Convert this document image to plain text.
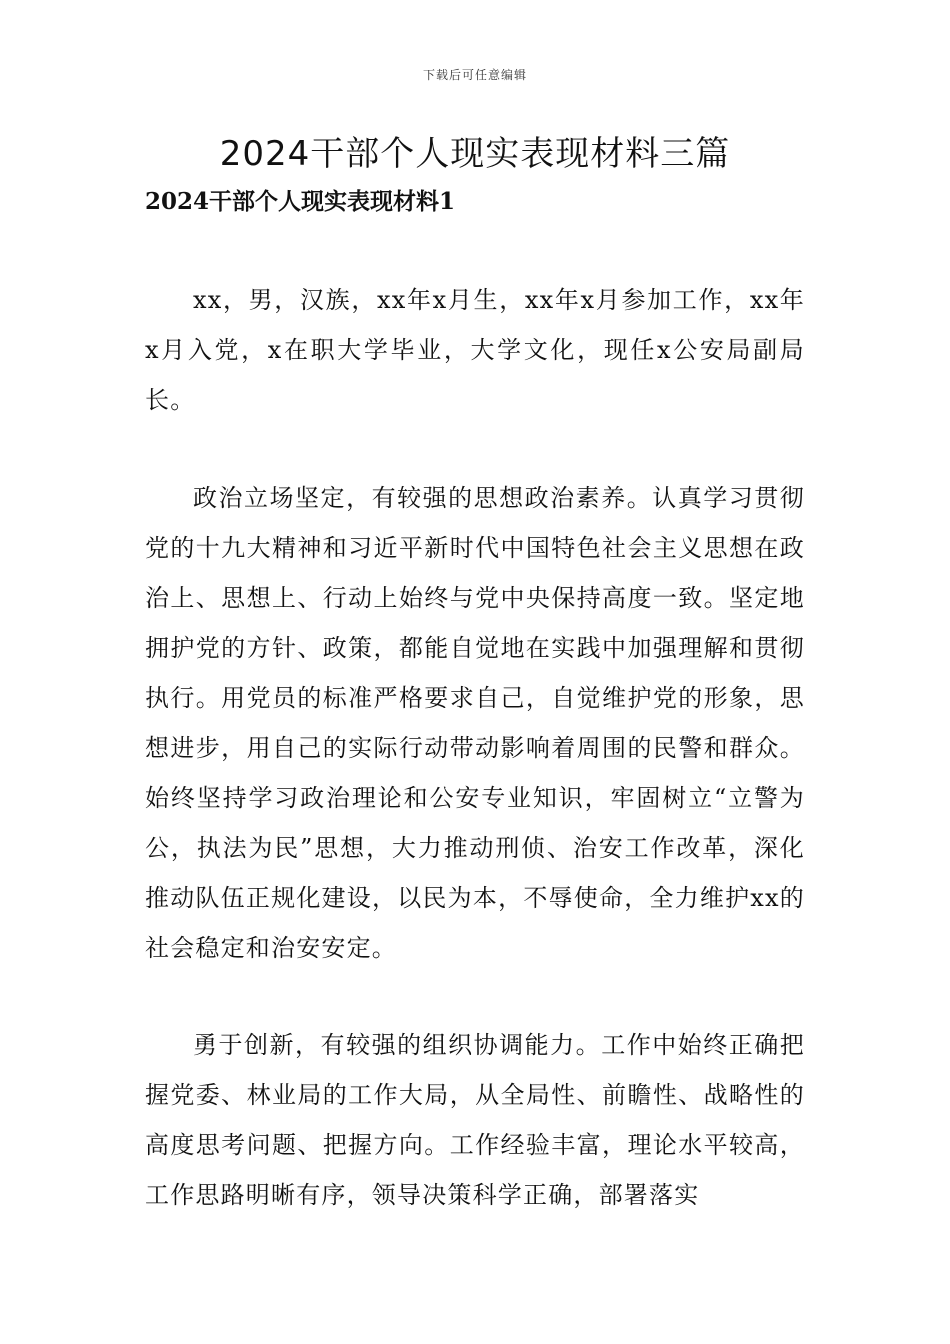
下载后可任意编辑
2024干部个人现实表现材料三篇
2024干部个人现实表现材料1

xx，男，汉族，xx年x月生，xx年x月参加工作，xx年x月入党，x在职大学毕业，大学文化，现任x公安局副局长。

政治立场坚定，有较强的思想政治素养。认真学习贯彻党的十九大精神和习近平新时代中国特色社会主义思想在政治上、思想上、行动上始终与党中央保持高度一致。坚定地拥护党的方针、政策，都能自觉地在实践中加强理解和贯彻执行。用党员的标准严格要求自己，自觉维护党的形象，思想进步，用自己的实际行动带动影响着周围的民警和群众。始终坚持学习政治理论和公安专业知识，牢固树立“立警为公，执法为民”思想，大力推动刑侦、治安工作改革，深化推动队伍正规化建设，以民为本，不辱使命，全力维护xx的社会稳定和治安安定。

勇于创新，有较强的组织协调能力。工作中始终正确把握党委、林业局的工作大局，从全局性、前瞻性、战略性的高度思考问题、把握方向。工作经验丰富，理论水平较高，工作思路明晰有序，领导决策科学正确，部署落实
